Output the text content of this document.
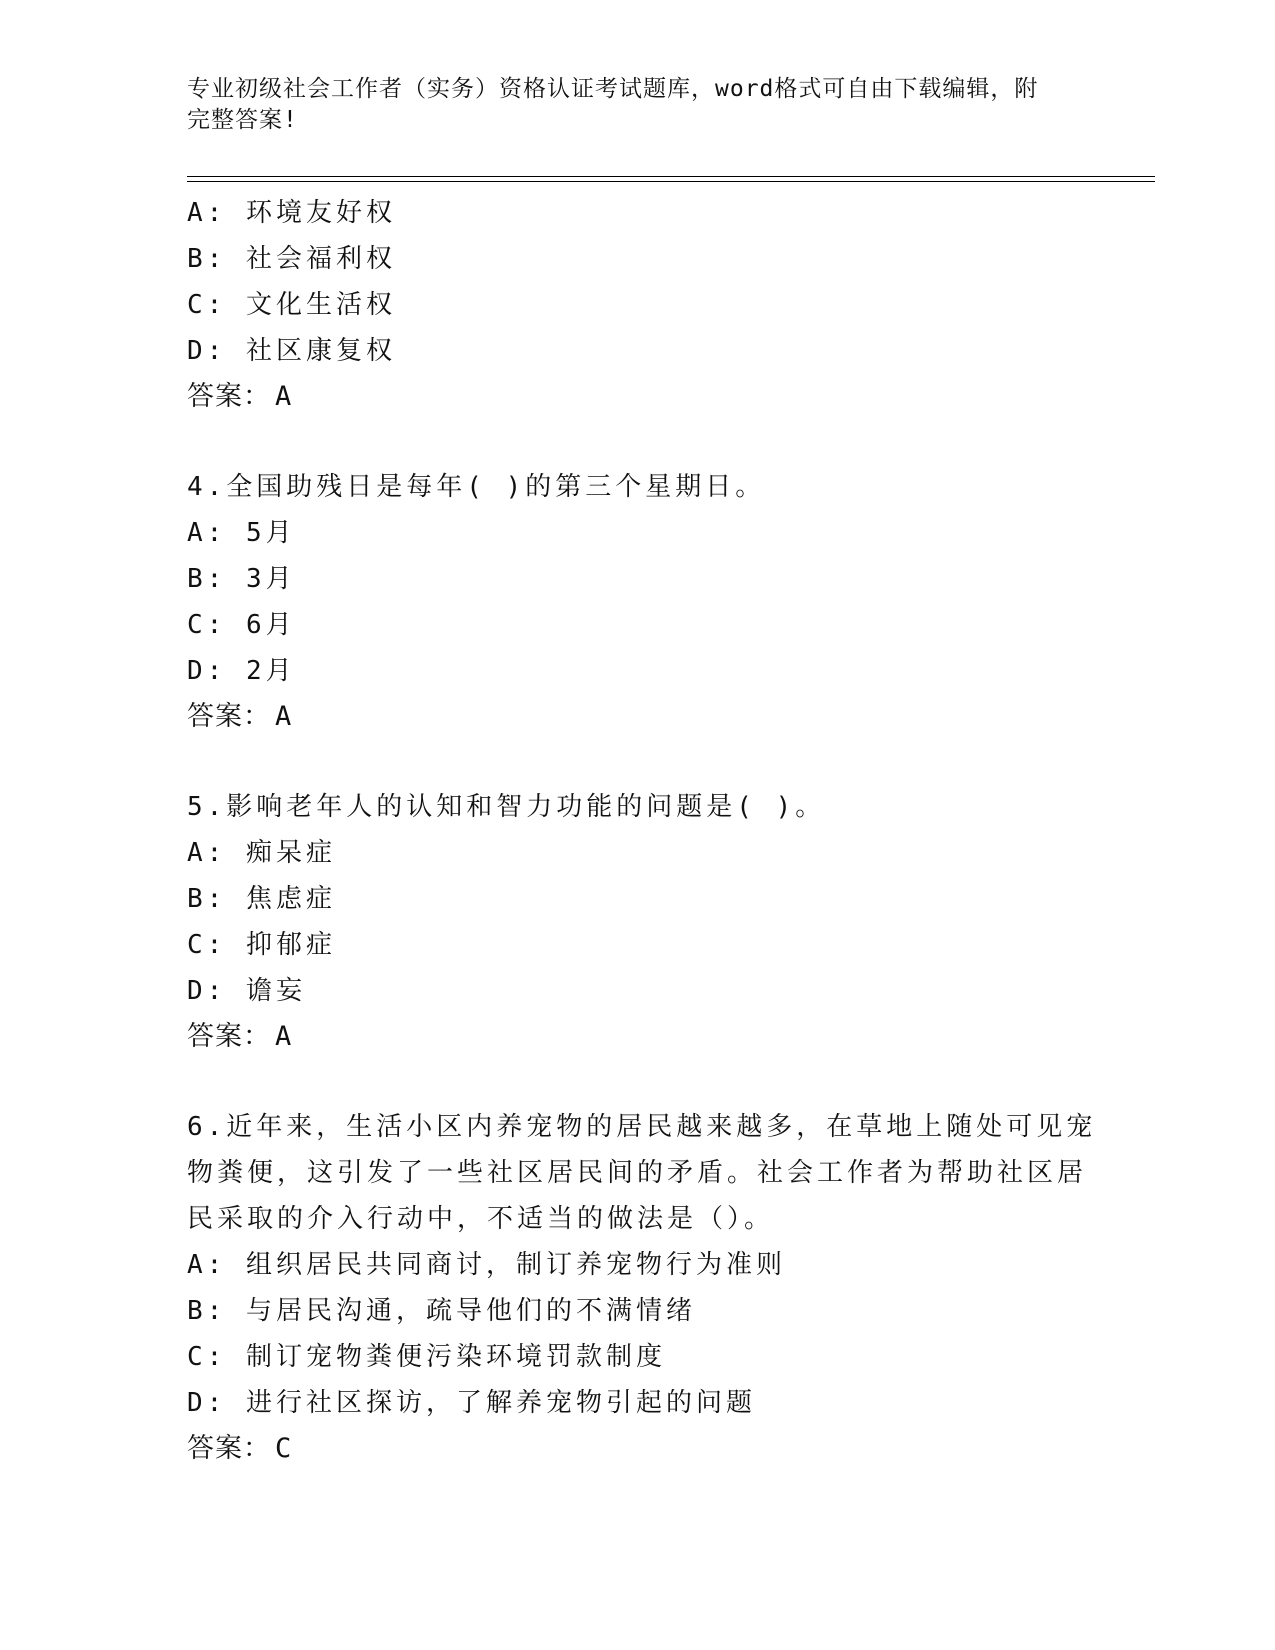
专业初级社会工作者（实务）资格认证考试题库，word格式可自由下载编辑，附
完整答案!
A: 环境友好权
B: 社会福利权
C: 文化生活权
D: 社区康复权
答案： A
4.全国助残日是每年( )的第三个星期日。
A: 5月
B: 3月
C: 6月
D: 2月
答案： A
5.影响老年人的认知和智力功能的问题是( )。
A: 痴呆症
B: 焦虑症
C: 抑郁症
D: 谵妄
答案： A
6.近年来，生活小区内养宠物的居民越来越多，在草地上随处可见宠
物粪便，这引发了一些社区居民间的矛盾。社会工作者为帮助社区居
民采取的介入行动中，不适当的做法是（）。
A: 组织居民共同商讨，制订养宠物行为准则
B: 与居民沟通，疏导他们的不满情绪
C: 制订宠物粪便污染环境罚款制度
D: 进行社区探访，了解养宠物引起的问题
答案： C
